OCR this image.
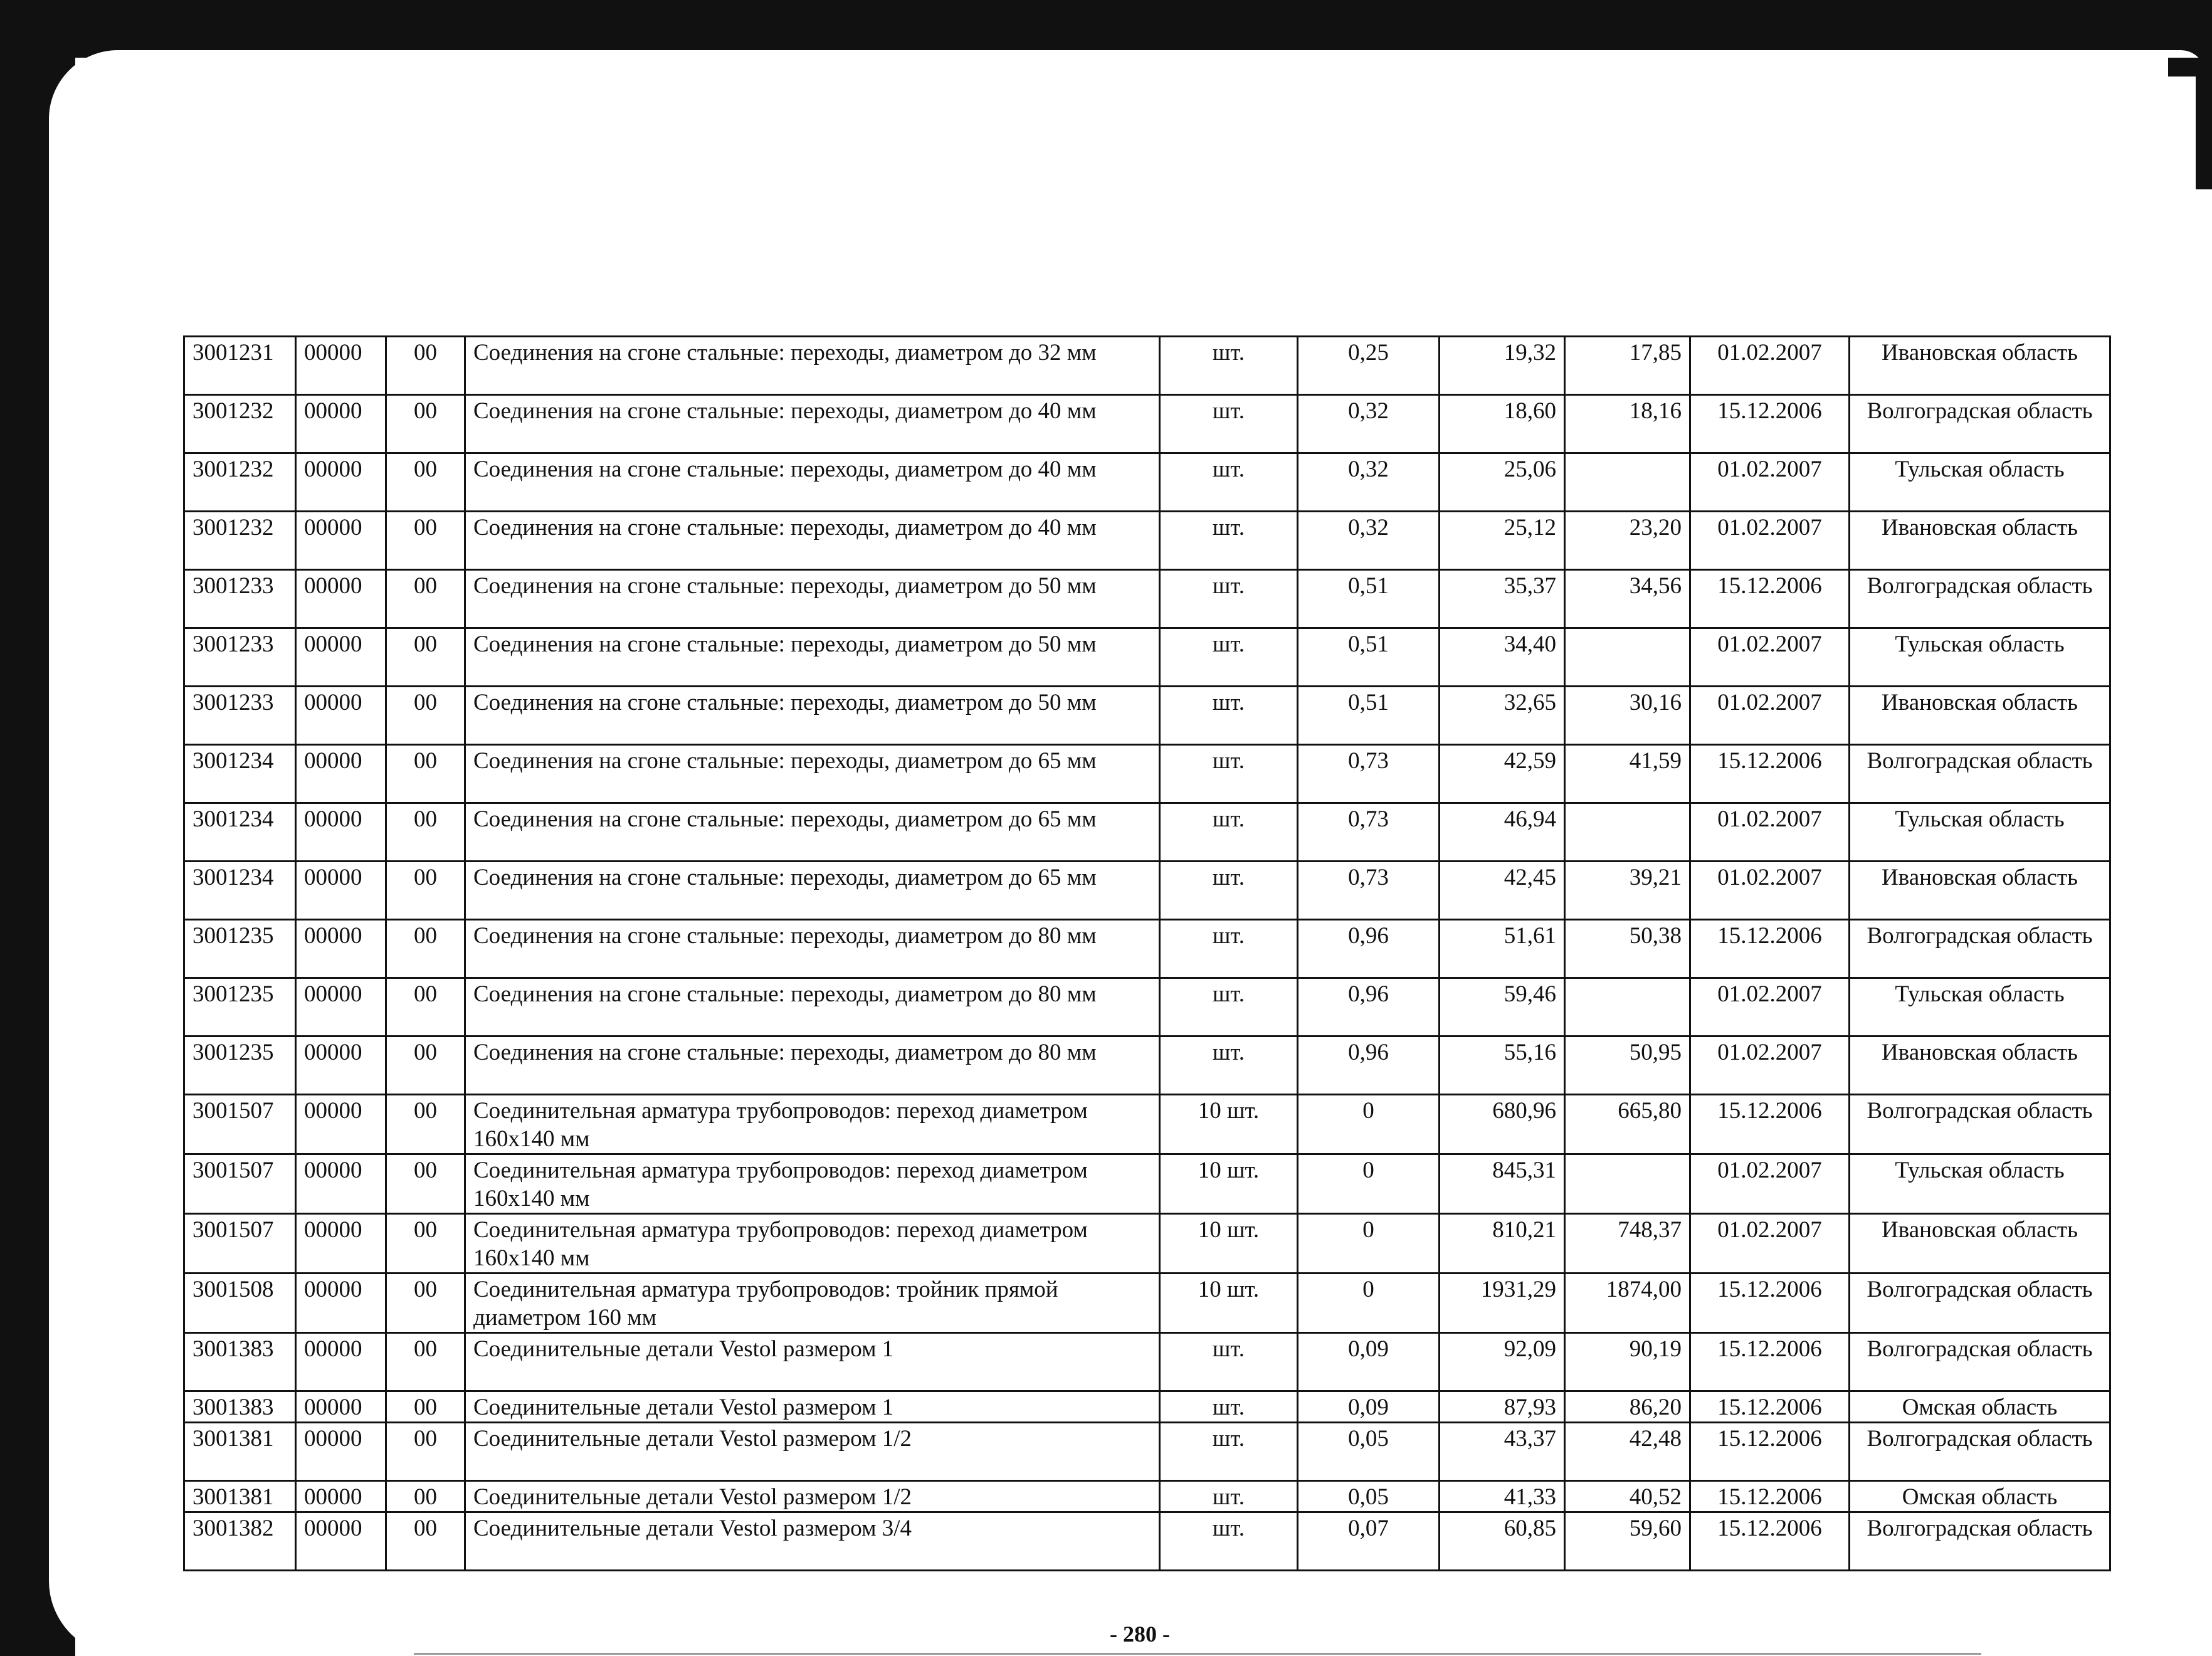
3001231	00000	00	Соединения на сгоне стальные: переходы, диаметром до 32 мм	шт.	0,25	19,32	17,85	01.02.2007	Ивановская область
3001232	00000	00	Соединения на сгоне стальные: переходы, диаметром до 40 мм	шт.	0,32	18,60	18,16	15.12.2006	Волгоградская область
3001232	00000	00	Соединения на сгоне стальные: переходы, диаметром до 40 мм	шт.	0,32	25,06		01.02.2007	Тульская область
3001232	00000	00	Соединения на сгоне стальные: переходы, диаметром до 40 мм	шт.	0,32	25,12	23,20	01.02.2007	Ивановская область
3001233	00000	00	Соединения на сгоне стальные: переходы, диаметром до 50 мм	шт.	0,51	35,37	34,56	15.12.2006	Волгоградская область
3001233	00000	00	Соединения на сгоне стальные: переходы, диаметром до 50 мм	шт.	0,51	34,40		01.02.2007	Тульская область
3001233	00000	00	Соединения на сгоне стальные: переходы, диаметром до 50 мм	шт.	0,51	32,65	30,16	01.02.2007	Ивановская область
3001234	00000	00	Соединения на сгоне стальные: переходы, диаметром до 65 мм	шт.	0,73	42,59	41,59	15.12.2006	Волгоградская область
3001234	00000	00	Соединения на сгоне стальные: переходы, диаметром до 65 мм	шт.	0,73	46,94		01.02.2007	Тульская область
3001234	00000	00	Соединения на сгоне стальные: переходы, диаметром до 65 мм	шт.	0,73	42,45	39,21	01.02.2007	Ивановская область
3001235	00000	00	Соединения на сгоне стальные: переходы, диаметром до 80 мм	шт.	0,96	51,61	50,38	15.12.2006	Волгоградская область
3001235	00000	00	Соединения на сгоне стальные: переходы, диаметром до 80 мм	шт.	0,96	59,46		01.02.2007	Тульская область
3001235	00000	00	Соединения на сгоне стальные: переходы, диаметром до 80 мм	шт.	0,96	55,16	50,95	01.02.2007	Ивановская область
3001507	00000	00	Соединительная арматура трубопроводов: переход диаметром 160х140 мм	10 шт.	0	680,96	665,80	15.12.2006	Волгоградская область
3001507	00000	00	Соединительная арматура трубопроводов: переход диаметром 160х140 мм	10 шт.	0	845,31		01.02.2007	Тульская область
3001507	00000	00	Соединительная арматура трубопроводов: переход диаметром 160х140 мм	10 шт.	0	810,21	748,37	01.02.2007	Ивановская область
3001508	00000	00	Соединительная арматура трубопроводов: тройник прямой диаметром 160 мм	10 шт.	0	1931,29	1874,00	15.12.2006	Волгоградская область
3001383	00000	00	Соединительные детали Vestol размером 1	шт.	0,09	92,09	90,19	15.12.2006	Волгоградская область
3001383	00000	00	Соединительные детали Vestol размером 1	шт.	0,09	87,93	86,20	15.12.2006	Омская область
3001381	00000	00	Соединительные детали Vestol размером 1/2	шт.	0,05	43,37	42,48	15.12.2006	Волгоградская область
3001381	00000	00	Соединительные детали Vestol размером 1/2	шт.	0,05	41,33	40,52	15.12.2006	Омская область
3001382	00000	00	Соединительные детали Vestol размером 3/4	шт.	0,07	60,85	59,60	15.12.2006	Волгоградская область
- 280 -
